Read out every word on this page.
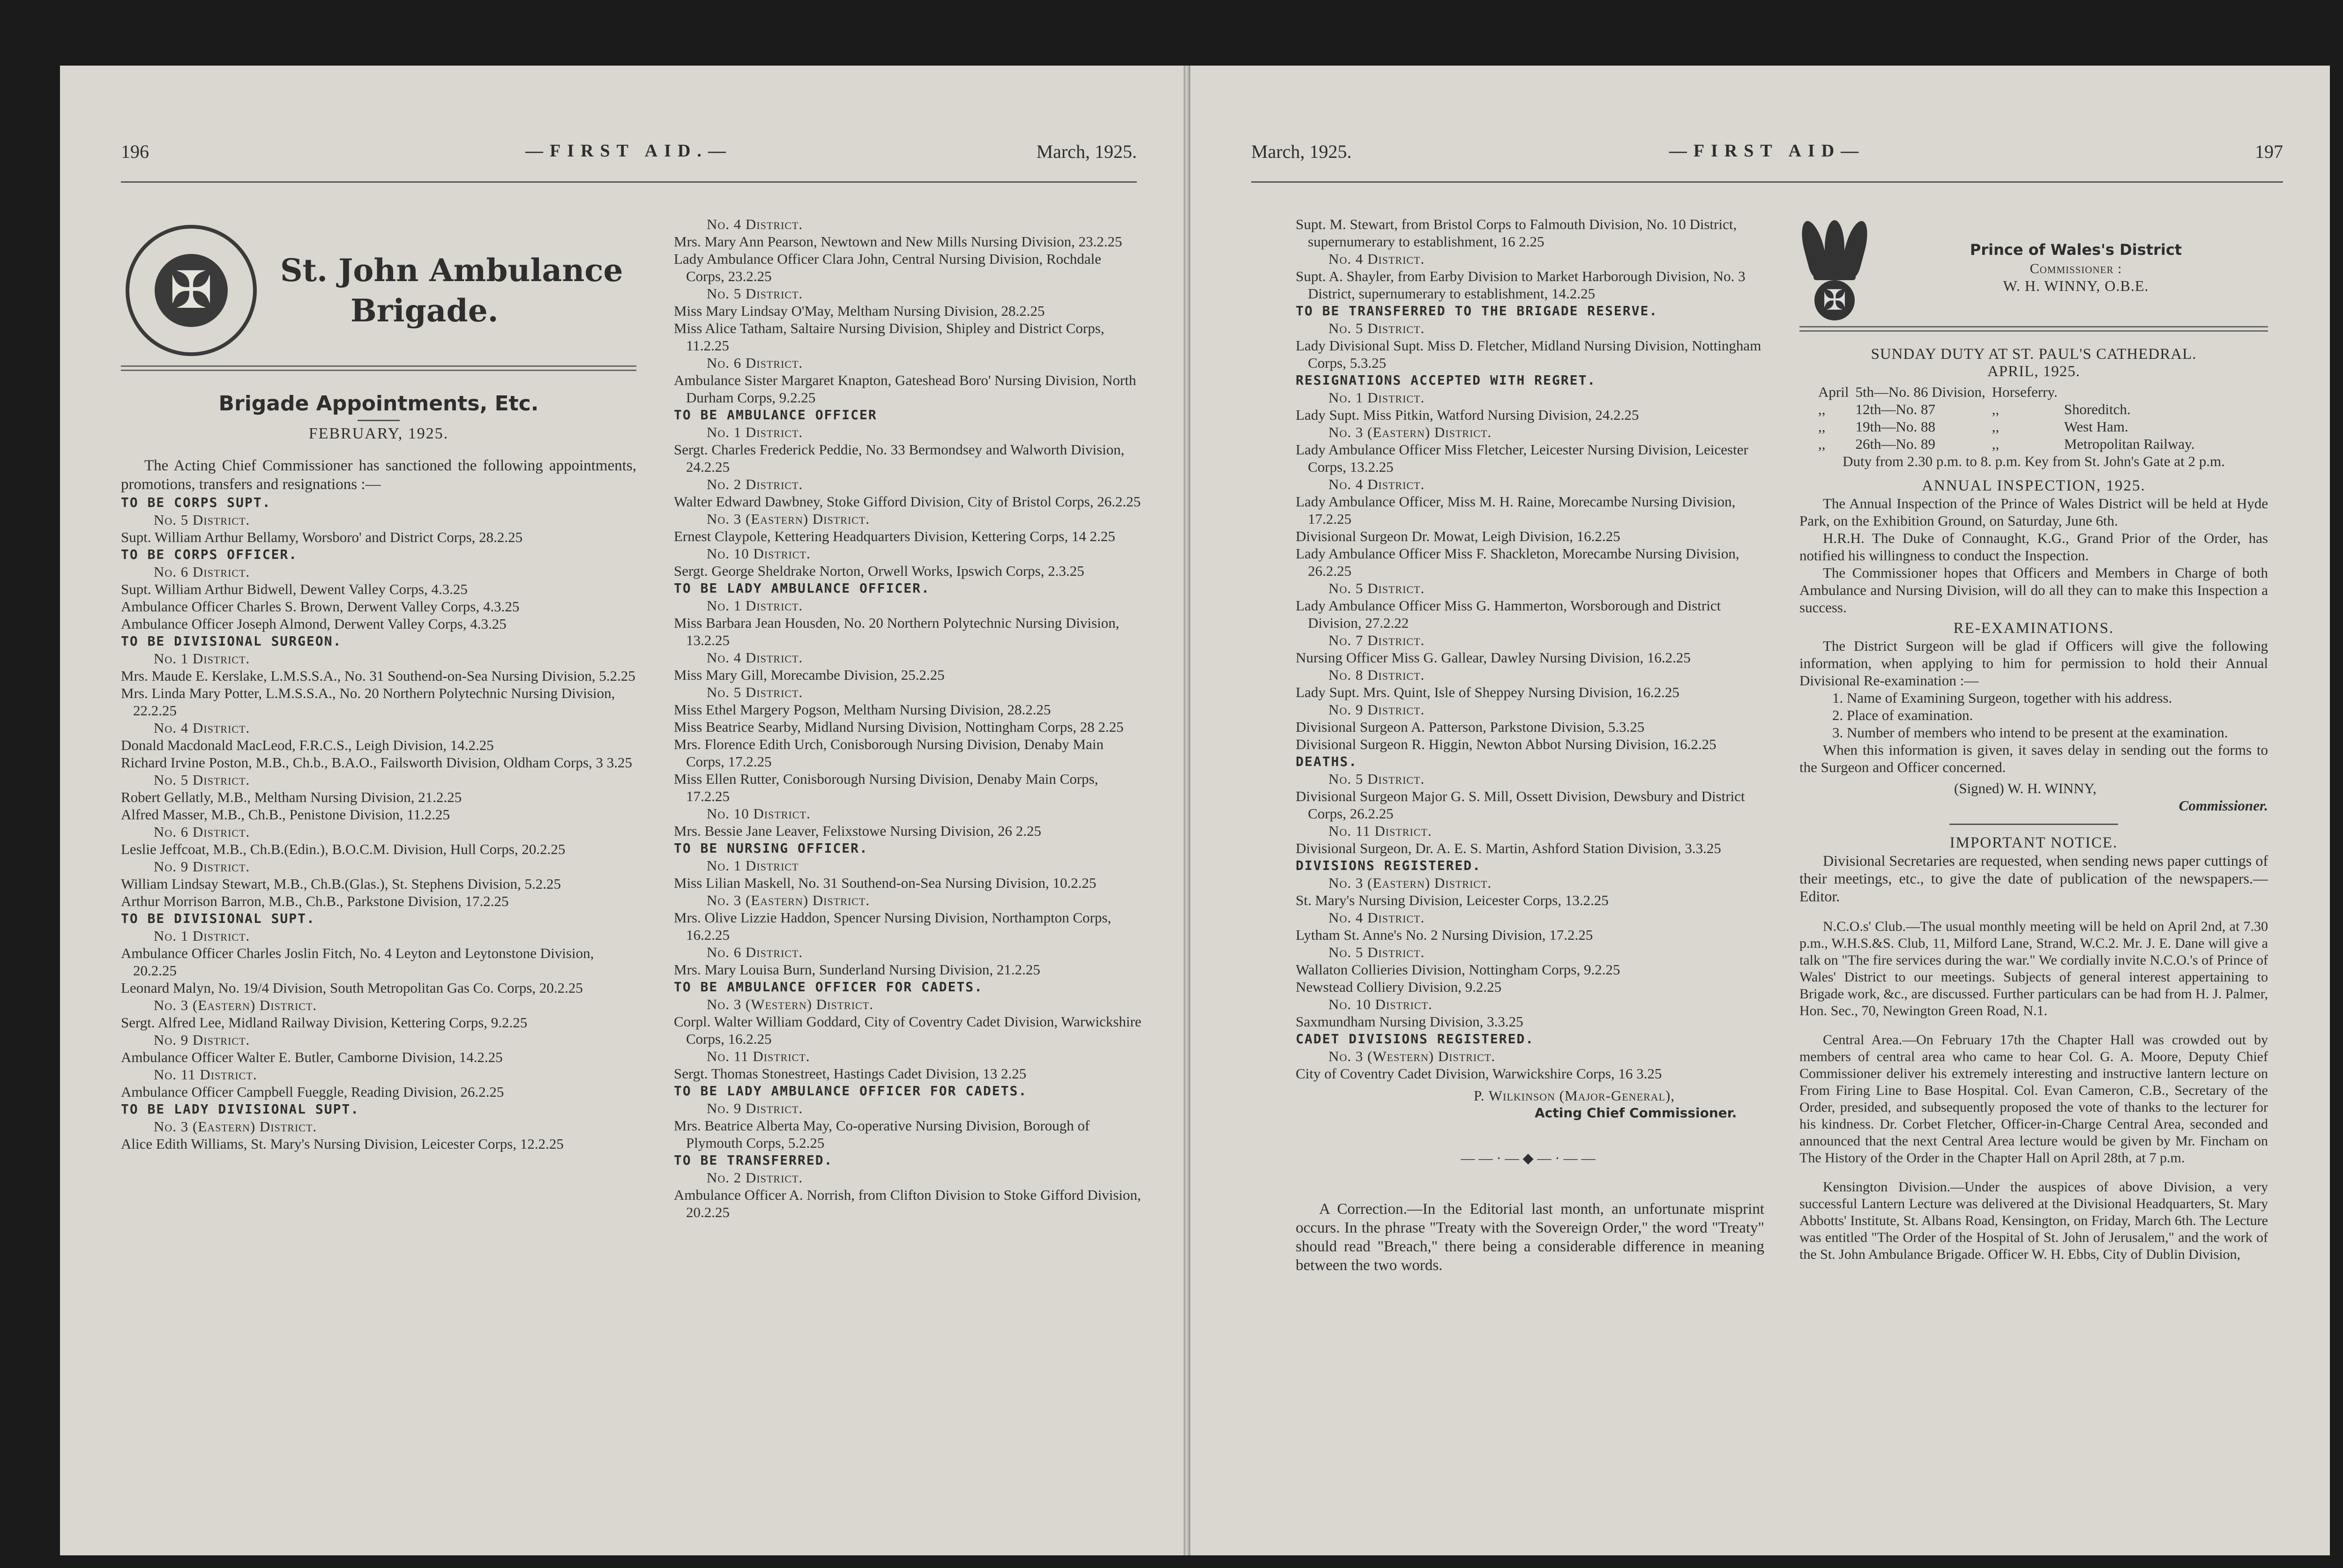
196	—FIRST AID.—	March, 1925.
✠	St. John Ambulance
Brigade.

Brigade Appointments, Etc.

FEBRUARY, 1925.

The Acting Chief Commissioner has sanctioned the following appointments, promotions, transfers and resignations :—

TO BE CORPS SUPT.

No. 5 District.

Supt. William Arthur Bellamy, Worsboro' and District Corps, 28.2.25

TO BE CORPS OFFICER.

No. 6 District.

Supt. William Arthur Bidwell, Dewent Valley Corps, 4.3.25

Ambulance Officer Charles S. Brown, Derwent Valley Corps, 4.3.25

Ambulance Officer Joseph Almond, Derwent Valley Corps, 4.3.25

TO BE DIVISIONAL SURGEON.

No. 1 District.

Mrs. Maude E. Kerslake, L.M.S.S.A., No. 31 Southend-on-Sea Nursing Division, 5.2.25

Mrs. Linda Mary Potter, L.M.S.S.A., No. 20 Northern Polytechnic Nursing Division, 22.2.25

No. 4 District.

Donald Macdonald MacLeod, F.R.C.S., Leigh Division, 14.2.25

Richard Irvine Poston, M.B., Ch.b., B.A.O., Failsworth Division, Oldham Corps, 3 3.25

No. 5 District.

Robert Gellatly, M.B., Meltham Nursing Division, 21.2.25

Alfred Masser, M.B., Ch.B., Penistone Division, 11.2.25

No. 6 District.

Leslie Jeffcoat, M.B., Ch.B.(Edin.), B.O.C.M. Division, Hull Corps, 20.2.25

No. 9 District.

William Lindsay Stewart, M.B., Ch.B.(Glas.), St. Stephens Division, 5.2.25

Arthur Morrison Barron, M.B., Ch.B., Parkstone Division, 17.2.25

TO BE DIVISIONAL SUPT.

No. 1 District.

Ambulance Officer Charles Joslin Fitch, No. 4 Leyton and Leytonstone Division, 20.2.25

Leonard Malyn, No. 19/4 Division, South Metropolitan Gas Co. Corps, 20.2.25

No. 3 (Eastern) District.

Sergt. Alfred Lee, Midland Railway Division, Kettering Corps, 9.2.25

No. 9 District.

Ambulance Officer Walter E. Butler, Camborne Division, 14.2.25

No. 11 District.

Ambulance Officer Campbell Fueggle, Reading Division, 26.2.25

TO BE LADY DIVISIONAL SUPT.

No. 3 (Eastern) District.

Alice Edith Williams, St. Mary's Nursing Division, Leicester Corps, 12.2.25

No. 4 District.

Mrs. Mary Ann Pearson, Newtown and New Mills Nursing Division, 23.2.25

Lady Ambulance Officer Clara John, Central Nursing Division, Rochdale Corps, 23.2.25

No. 5 District.

Miss Mary Lindsay O'May, Meltham Nursing Division, 28.2.25

Miss Alice Tatham, Saltaire Nursing Division, Shipley and District Corps, 11.2.25

No. 6 District.

Ambulance Sister Margaret Knapton, Gateshead Boro' Nursing Division, North Durham Corps, 9.2.25

TO BE AMBULANCE OFFICER

No. 1 District.

Sergt. Charles Frederick Peddie, No. 33 Bermondsey and Walworth Division, 24.2.25

No. 2 District.

Walter Edward Dawbney, Stoke Gifford Division, City of Bristol Corps, 26.2.25

No. 3 (Eastern) District.

Ernest Claypole, Kettering Headquarters Division, Kettering Corps, 14 2.25

No. 10 District.

Sergt. George Sheldrake Norton, Orwell Works, Ipswich Corps, 2.3.25

TO BE LADY AMBULANCE OFFICER.

No. 1 District.

Miss Barbara Jean Housden, No. 20 Northern Polytechnic Nursing Division, 13.2.25

No. 4 District.

Miss Mary Gill, Morecambe Division, 25.2.25

No. 5 District.

Miss Ethel Margery Pogson, Meltham Nursing Division, 28.2.25

Miss Beatrice Searby, Midland Nursing Division, Nottingham Corps, 28 2.25

Mrs. Florence Edith Urch, Conisborough Nursing Division, Denaby Main Corps, 17.2.25

Miss Ellen Rutter, Conisborough Nursing Division, Denaby Main Corps, 17.2.25

No. 10 District.

Mrs. Bessie Jane Leaver, Felixstowe Nursing Division, 26 2.25

TO BE NURSING OFFICER.

No. 1 District

Miss Lilian Maskell, No. 31 Southend-on-Sea Nursing Division, 10.2.25

No. 3 (Eastern) District.

Mrs. Olive Lizzie Haddon, Spencer Nursing Division, Northampton Corps, 16.2.25

No. 6 District.

Mrs. Mary Louisa Burn, Sunderland Nursing Division, 21.2.25

TO BE AMBULANCE OFFICER FOR CADETS.

No. 3 (Western) District.

Corpl. Walter William Goddard, City of Coventry Cadet Division, Warwickshire Corps, 16.2.25

No. 11 District.

Sergt. Thomas Stonestreet, Hastings Cadet Division, 13 2.25

TO BE LADY AMBULANCE OFFICER FOR CADETS.

No. 9 District.

Mrs. Beatrice Alberta May, Co-operative Nursing Division, Borough of Plymouth Corps, 5.2.25

TO BE TRANSFERRED.

No. 2 District.

Ambulance Officer A. Norrish, from Clifton Division to Stoke Gifford Division, 20.2.25

March, 1925.	—FIRST AID—	197

Supt. M. Stewart, from Bristol Corps to Falmouth Division, No. 10 District, supernumerary to establishment, 16 2.25

No. 4 District.

Supt. A. Shayler, from Earby Division to Market Harborough Division, No. 3 District, supernumerary to establishment, 14.2.25

TO BE TRANSFERRED TO THE BRIGADE RESERVE.

No. 5 District.

Lady Divisional Supt. Miss D. Fletcher, Midland Nursing Division, Nottingham Corps, 5.3.25

RESIGNATIONS ACCEPTED WITH REGRET.

No. 1 District.

Lady Supt. Miss Pitkin, Watford Nursing Division, 24.2.25

No. 3 (Eastern) District.

Lady Ambulance Officer Miss Fletcher, Leicester Nursing Division, Leicester Corps, 13.2.25

No. 4 District.

Lady Ambulance Officer, Miss M. H. Raine, Morecambe Nursing Division, 17.2.25

Divisional Surgeon Dr. Mowat, Leigh Division, 16.2.25

Lady Ambulance Officer Miss F. Shackleton, Morecambe Nursing Division, 26.2.25

No. 5 District.

Lady Ambulance Officer Miss G. Hammerton, Worsborough and District Division, 27.2.22

No. 7 District.

Nursing Officer Miss G. Gallear, Dawley Nursing Division, 16.2.25

No. 8 District.

Lady Supt. Mrs. Quint, Isle of Sheppey Nursing Division, 16.2.25

No. 9 District.

Divisional Surgeon A. Patterson, Parkstone Division, 5.3.25

Divisional Surgeon R. Higgin, Newton Abbot Nursing Division, 16.2.25

DEATHS.

No. 5 District.

Divisional Surgeon Major G. S. Mill, Ossett Division, Dewsbury and District Corps, 26.2.25

No. 11 District.

Divisional Surgeon, Dr. A. E. S. Martin, Ashford Station Division, 3.3.25

DIVISIONS REGISTERED.

No. 3 (Eastern) District.

St. Mary's Nursing Division, Leicester Corps, 13.2.25

No. 4 District.

Lytham St. Anne's No. 2 Nursing Division, 17.2.25

No. 5 District.

Wallaton Collieries Division, Nottingham Corps, 9.2.25

Newstead Colliery Division, 9.2.25

No. 10 District.

Saxmundham Nursing Division, 3.3.25

CADET DIVISIONS REGISTERED.

No. 3 (Western) District.

City of Coventry Cadet Division, Warwickshire Corps, 16 3.25

P. Wilkinson (Major-General),

Acting Chief Commissioner.

——·—◆—·——

A Correction.—In the Editorial last month, an unfortunate misprint occurs. In the phrase "Treaty with the Sovereign Order," the word "Treaty" should read "Breach," there being a considerable difference in meaning between the two words.

✠

Prince of Wales's District

Commissioner :

W. H. WINNY, O.B.E.

SUNDAY DUTY AT ST. PAUL'S CATHEDRAL.

APRIL, 1925.

April	5th—No. 86 Division,	Horseferry.	
,,	12th—No. 87	,,	Shoreditch.
,,	19th—No. 88	,,	West Ham.
,,	26th—No. 89	,,	Metropolitan Railway.

Duty from 2.30 p.m. to 8. p.m. Key from St. John's Gate at 2 p.m.

ANNUAL INSPECTION, 1925.

The Annual Inspection of the Prince of Wales District will be held at Hyde Park, on the Exhibition Ground, on Saturday, June 6th.

H.R.H. The Duke of Connaught, K.G., Grand Prior of the Order, has notified his willingness to conduct the Inspection.

The Commissioner hopes that Officers and Members in Charge of both Ambulance and Nursing Division, will do all they can to make this Inspection a success.

RE-EXAMINATIONS.

The District Surgeon will be glad if Officers will give the following information, when applying to him for permission to hold their Annual Divisional Re-examination :—

1. Name of Examining Surgeon, together with his address.

2. Place of examination.

3. Number of members who intend to be present at the examination.

When this information is given, it saves delay in sending out the forms to the Surgeon and Officer concerned.

(Signed) W. H. WINNY,

Commissioner.

IMPORTANT NOTICE.

Divisional Secretaries are requested, when sending news paper cuttings of their meetings, etc., to give the date of publication of the newspapers.—Editor.

N.C.O.s' Club.—The usual monthly meeting will be held on April 2nd, at 7.30 p.m., W.H.S.&S. Club, 11, Milford Lane, Strand, W.C.2. Mr. J. E. Dane will give a talk on "The fire services during the war." We cordially invite N.C.O.'s of Prince of Wales' District to our meetings. Subjects of general interest appertaining to Brigade work, &c., are discussed. Further particulars can be had from H. J. Palmer, Hon. Sec., 70, Newington Green Road, N.1.

Central Area.—On February 17th the Chapter Hall was crowded out by members of central area who came to hear Col. G. A. Moore, Deputy Chief Commissioner deliver his extremely interesting and instructive lantern lecture on From Firing Line to Base Hospital. Col. Evan Cameron, C.B., Secretary of the Order, presided, and subsequently proposed the vote of thanks to the lecturer for his kindness. Dr. Corbet Fletcher, Officer-in-Charge Central Area, seconded and announced that the next Central Area lecture would be given by Mr. Fincham on The History of the Order in the Chapter Hall on April 28th, at 7 p.m.

Kensington Division.—Under the auspices of above Division, a very successful Lantern Lecture was delivered at the Divisional Headquarters, St. Mary Abbotts' Institute, St. Albans Road, Kensington, on Friday, March 6th. The Lecture was entitled "The Order of the Hospital of St. John of Jerusalem," and the work of the St. John Ambulance Brigade. Officer W. H. Ebbs, City of Dublin Division,
